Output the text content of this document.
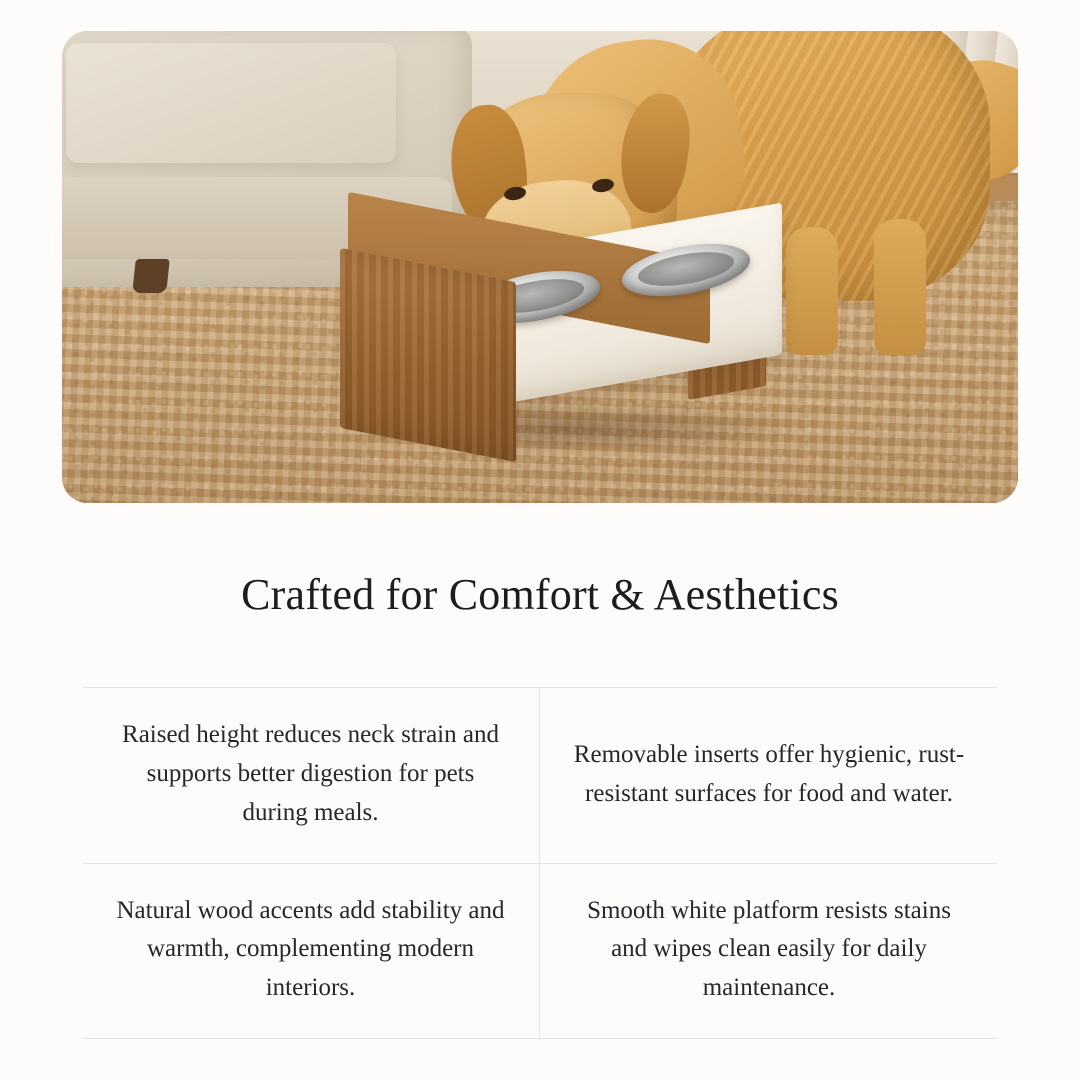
Crafted for Comfort & Aesthetics

Raised height reduces neck strain and supports better digestion for pets during meals.

Removable inserts offer hygienic, rust-resistant surfaces for food and water.

Natural wood accents add stability and warmth, complementing modern interiors.

Smooth white platform resists stains and wipes clean easily for daily maintenance.
